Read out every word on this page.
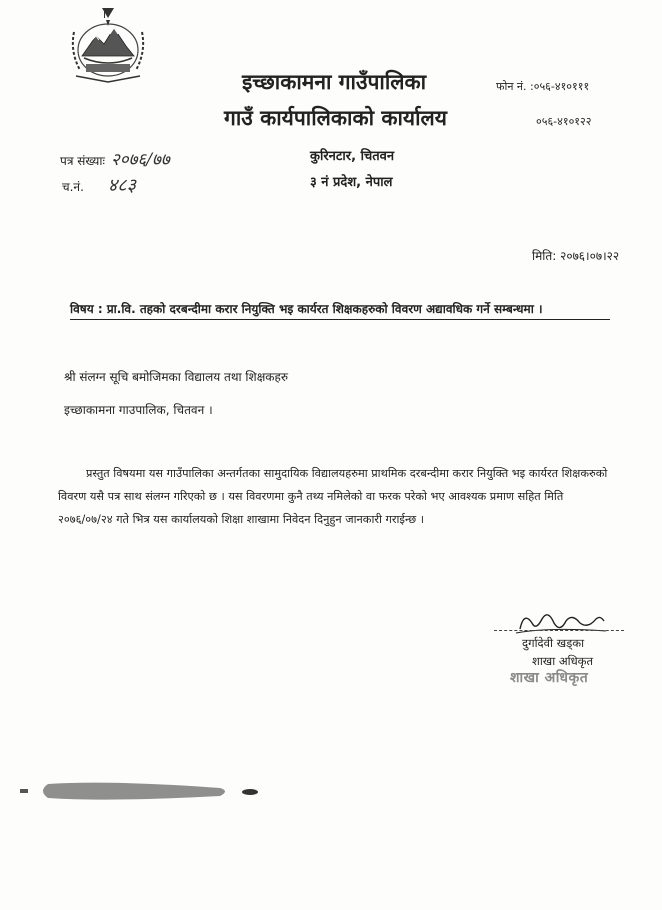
इच्छाकामना गाउँपालिका
गाउँ कार्यपालिकाको कार्यालय
फोन नं. :०५६-४१०१११
०५६-४१०१२२
पत्र संख्याः २०७६/७७
च.नं. ४८३
कुरिनटार, चितवन
३ नं प्रदेश, नेपाल
मिति: २०७६।०७।२२
विषय : प्रा.वि. तहको दरबन्दीमा करार नियुक्ति भइ कार्यरत शिक्षकहरुको विवरण अद्यावधिक गर्ने सम्बन्धमा ।
श्री संलग्न सूचि बमोजिमका विद्यालय तथा शिक्षकहरु
इच्छाकामना गाउपालिक, चितवन ।
प्रस्तुत विषयमा यस गाउँपालिका अन्तर्गतका सामुदायिक विद्यालयहरुमा प्राथमिक दरबन्दीमा करार नियुक्ति भइ कार्यरत शिक्षकरुको विवरण यसै पत्र साथ संलग्न गरिएको छ । यस विवरणमा कुनै तथ्य नमिलेको वा फरक परेको भए आवश्यक प्रमाण सहित मिति २०७६/०७/२४ गते भित्र यस कार्यालयको शिक्षा शाखामा निवेदन दिनुहुन जानकारी गराईन्छ ।
दुर्गादेवी खड्का
शाखा अधिकृत
शाखा अधिकृत
